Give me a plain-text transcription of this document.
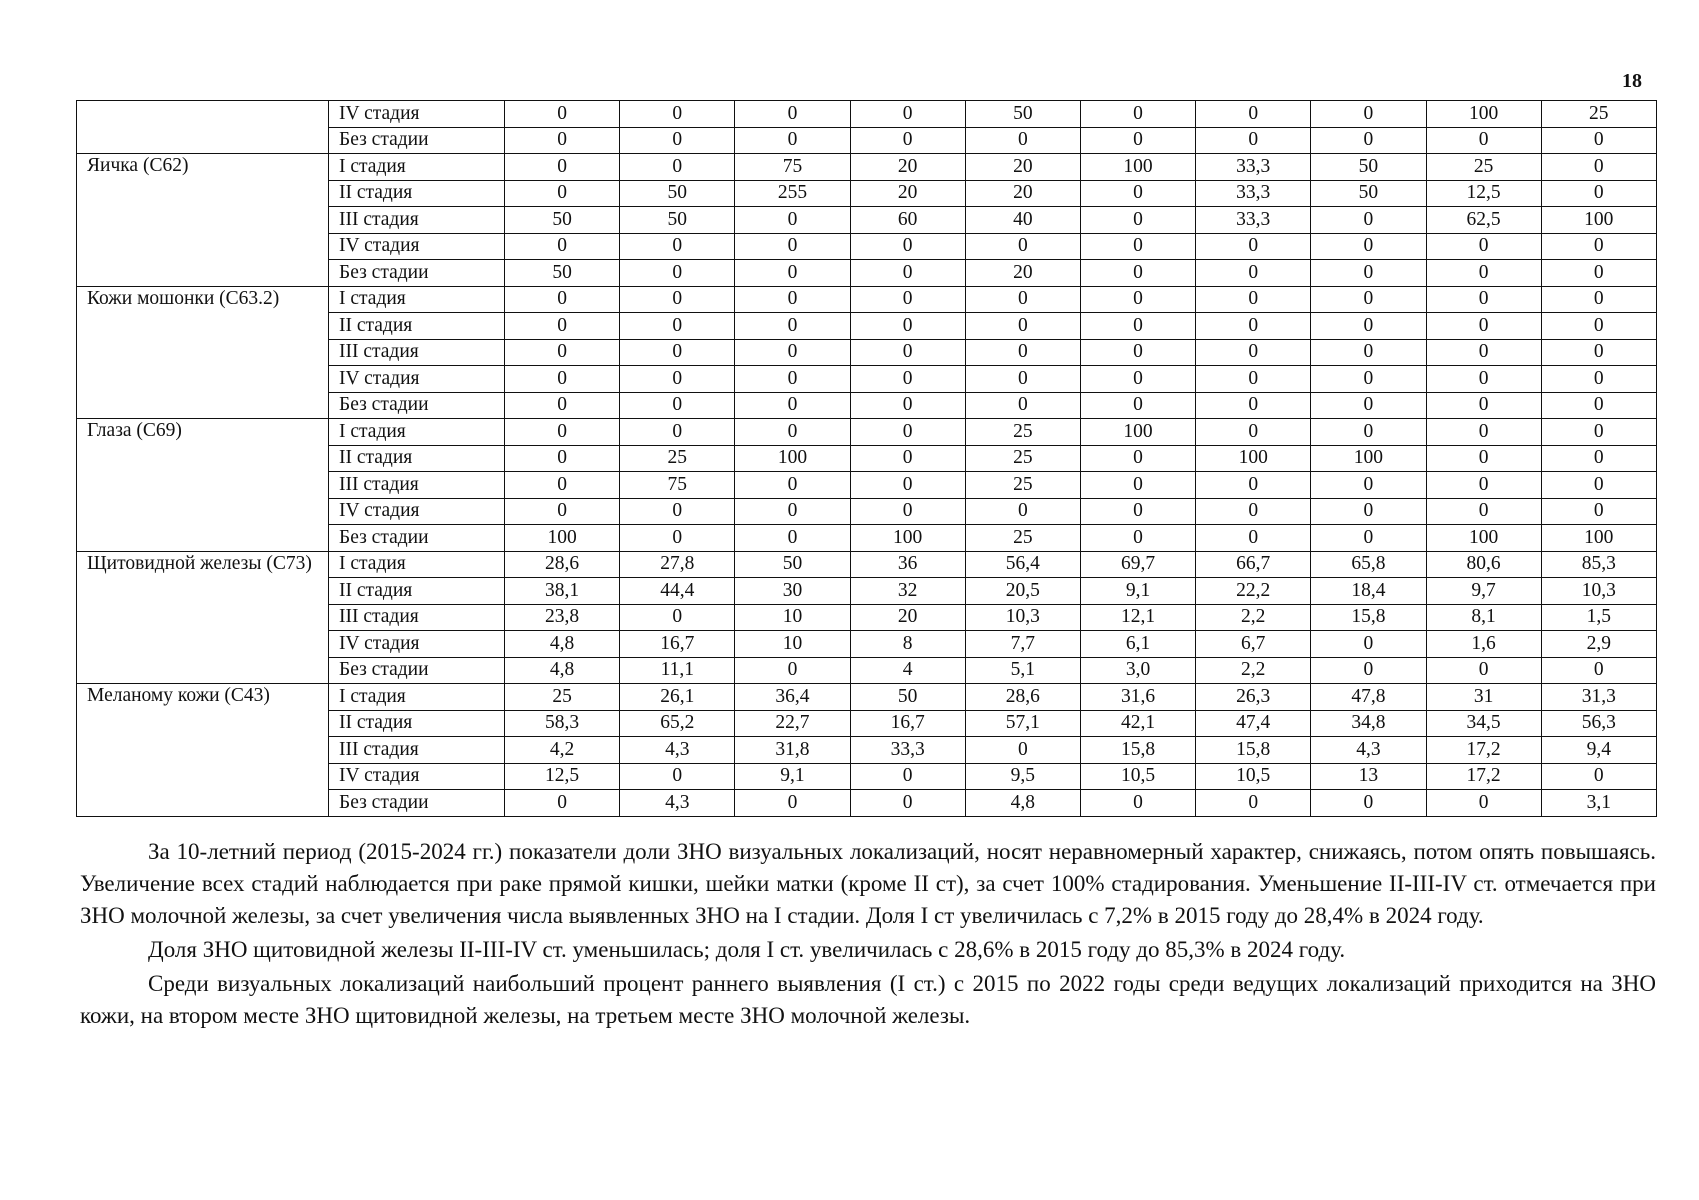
18
	IV стадия	0	0	0	0	50	0	0	0	100	25
	Без стадии	0	0	0	0	0	0	0	0	0	0
Яичка (С62)	I стадия	0	0	75	20	20	100	33,3	50	25	0
	II стадия	0	50	255	20	20	0	33,3	50	12,5	0
	III стадия	50	50	0	60	40	0	33,3	0	62,5	100
	IV стадия	0	0	0	0	0	0	0	0	0	0
	Без стадии	50	0	0	0	20	0	0	0	0	0
Кожи мошонки (С63.2)	I стадия	0	0	0	0	0	0	0	0	0	0
	II стадия	0	0	0	0	0	0	0	0	0	0
	III стадия	0	0	0	0	0	0	0	0	0	0
	IV стадия	0	0	0	0	0	0	0	0	0	0
	Без стадии	0	0	0	0	0	0	0	0	0	0
Глаза (С69)	I стадия	0	0	0	0	25	100	0	0	0	0
	II стадия	0	25	100	0	25	0	100	100	0	0
	III стадия	0	75	0	0	25	0	0	0	0	0
	IV стадия	0	0	0	0	0	0	0	0	0	0
	Без стадии	100	0	0	100	25	0	0	0	100	100
Щитовидной железы (С73)	I стадия	28,6	27,8	50	36	56,4	69,7	66,7	65,8	80,6	85,3
	II стадия	38,1	44,4	30	32	20,5	9,1	22,2	18,4	9,7	10,3
	III стадия	23,8	0	10	20	10,3	12,1	2,2	15,8	8,1	1,5
	IV стадия	4,8	16,7	10	8	7,7	6,1	6,7	0	1,6	2,9
	Без стадии	4,8	11,1	0	4	5,1	3,0	2,2	0	0	0
Меланому кожи (С43)	I стадия	25	26,1	36,4	50	28,6	31,6	26,3	47,8	31	31,3
	II стадия	58,3	65,2	22,7	16,7	57,1	42,1	47,4	34,8	34,5	56,3
	III стадия	4,2	4,3	31,8	33,3	0	15,8	15,8	4,3	17,2	9,4
	IV стадия	12,5	0	9,1	0	9,5	10,5	10,5	13	17,2	0
	Без стадии	0	4,3	0	0	4,8	0	0	0	0	3,1

За 10-летний период (2015-2024 гг.) показатели доли ЗНО визуальных локализаций, носят неравномерный характер, снижаясь, потом опять повышаясь. Увеличение всех стадий наблюдается при раке прямой кишки, шейки матки (кроме II ст), за счет 100% стадирования. Уменьшение II-III-IV ст. отмечается при ЗНО молочной железы, за счет увеличения числа выявленных ЗНО на I стадии. Доля I ст увеличилась с 7,2% в 2015 году до 28,4% в 2024 году.

Доля ЗНО щитовидной железы II-III-IV ст. уменьшилась; доля I ст. увеличилась с 28,6% в 2015 году до 85,3% в 2024 году.

Среди визуальных локализаций наибольший процент раннего выявления (I ст.) с 2015 по 2022 годы среди ведущих локализаций приходится на ЗНО кожи, на втором месте ЗНО щитовидной железы, на третьем месте ЗНО молочной железы.
